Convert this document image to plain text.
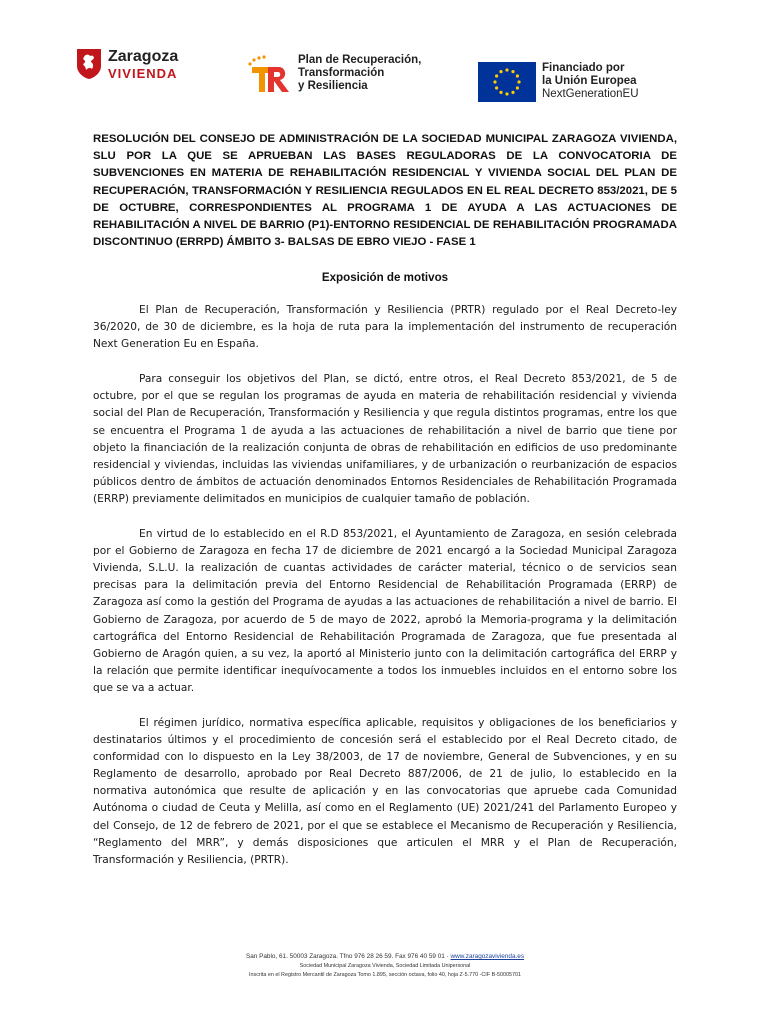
Zaragoza
VIVIENDA
Plan de Recuperación,
Transformación
y Resiliencia
Financiado por
la Unión Europea
NextGenerationEU

RESOLUCIÓN DEL CONSEJO DE ADMINISTRACIÓN DE LA SOCIEDAD MUNICIPAL ZARAGOZA VIVIENDA, SLU POR LA QUE SE APRUEBAN LAS BASES REGULADORAS DE LA CONVOCATORIA DE SUBVENCIONES EN MATERIA DE REHABILITACIÓN RESIDENCIAL Y VIVIENDA SOCIAL DEL PLAN DE RECUPERACIÓN, TRANSFORMACIÓN Y RESILIENCIA REGULADOS EN EL REAL DECRETO 853/2021, DE 5 DE OCTUBRE, CORRESPONDIENTES AL PROGRAMA 1 DE AYUDA A LAS ACTUACIONES DE REHABILITACIÓN A NIVEL DE BARRIO (P1)-ENTORNO RESIDENCIAL DE REHABILITACIÓN PROGRAMADA DISCONTINUO (ERRPD) ÁMBITO 3- BALSAS DE EBRO VIEJO - FASE 1

Exposición de motivos

El Plan de Recuperación, Transformación y Resiliencia (PRTR) regulado por el Real Decreto-ley 36/2020, de 30 de diciembre, es la hoja de ruta para la implementación del instrumento de recuperación Next Generation Eu en España.

Para conseguir los objetivos del Plan, se dictó, entre otros, el Real Decreto 853/2021, de 5 de octubre, por el que se regulan los programas de ayuda en materia de rehabilitación residencial y vivienda social del Plan de Recuperación, Transformación y Resiliencia y que regula distintos programas, entre los que se encuentra el Programa 1 de ayuda a las actuaciones de rehabilitación a nivel de barrio que tiene por objeto la financiación de la realización conjunta de obras de rehabilitación en edificios de uso predominante residencial y viviendas, incluidas las viviendas unifamiliares, y de urbanización o reurbanización de espacios públicos dentro de ámbitos de actuación denominados Entornos Residenciales de Rehabilitación Programada (ERRP) previamente delimitados en municipios de cualquier tamaño de población.

En virtud de lo establecido en el R.D 853/2021, el Ayuntamiento de Zaragoza, en sesión celebrada por el Gobierno de Zaragoza en fecha 17 de diciembre de 2021 encargó a la Sociedad Municipal Zaragoza Vivienda, S.L.U. la realización de cuantas actividades de carácter material, técnico o de servicios sean precisas para la delimitación previa del Entorno Residencial de Rehabilitación Programada (ERRP) de Zaragoza así como la gestión del Programa de ayudas a las actuaciones de rehabilitación a nivel de barrio. El Gobierno de Zaragoza, por acuerdo de 5 de mayo de 2022, aprobó la Memoria-programa y la delimitación cartográfica del Entorno Residencial de Rehabilitación Programada de Zaragoza, que fue presentada al Gobierno de Aragón quien, a su vez, la aportó al Ministerio junto con la delimitación cartográfica del ERRP y la relación que permite identificar inequívocamente a todos los inmuebles incluidos en el entorno sobre los que se va a actuar.

El régimen jurídico, normativa específica aplicable, requisitos y obligaciones de los beneficiarios y destinatarios últimos y el procedimiento de concesión será el establecido por el Real Decreto citado, de conformidad con lo dispuesto en la Ley 38/2003, de 17 de noviembre, General de Subvenciones, y en su Reglamento de desarrollo, aprobado por Real Decreto 887/2006, de 21 de julio, lo establecido en la normativa autonómica que resulte de aplicación y en las convocatorias que apruebe cada Comunidad Autónoma o ciudad de Ceuta y Melilla, así como en el Reglamento (UE) 2021/241 del Parlamento Europeo y del Consejo, de 12 de febrero de 2021, por el que se establece el Mecanismo de Recuperación y Resiliencia, “Reglamento del MRR”, y demás disposiciones que articulen el MRR y el Plan de Recuperación, Transformación y Resiliencia, (PRTR).

San Pablo, 61. 50003 Zaragoza. Tfno 976 28 26 59. Fax 976 40 59 01 · www.zaragozavivienda.es
Sociedad Municipal Zaragoza Vivienda, Sociedad Limitada Unipersonal
Inscrita en el Registro Mercantil de Zaragoza Tomo 1.895, sección octava, folio 40, hoja Z-5.770 -CIF B-50005701
